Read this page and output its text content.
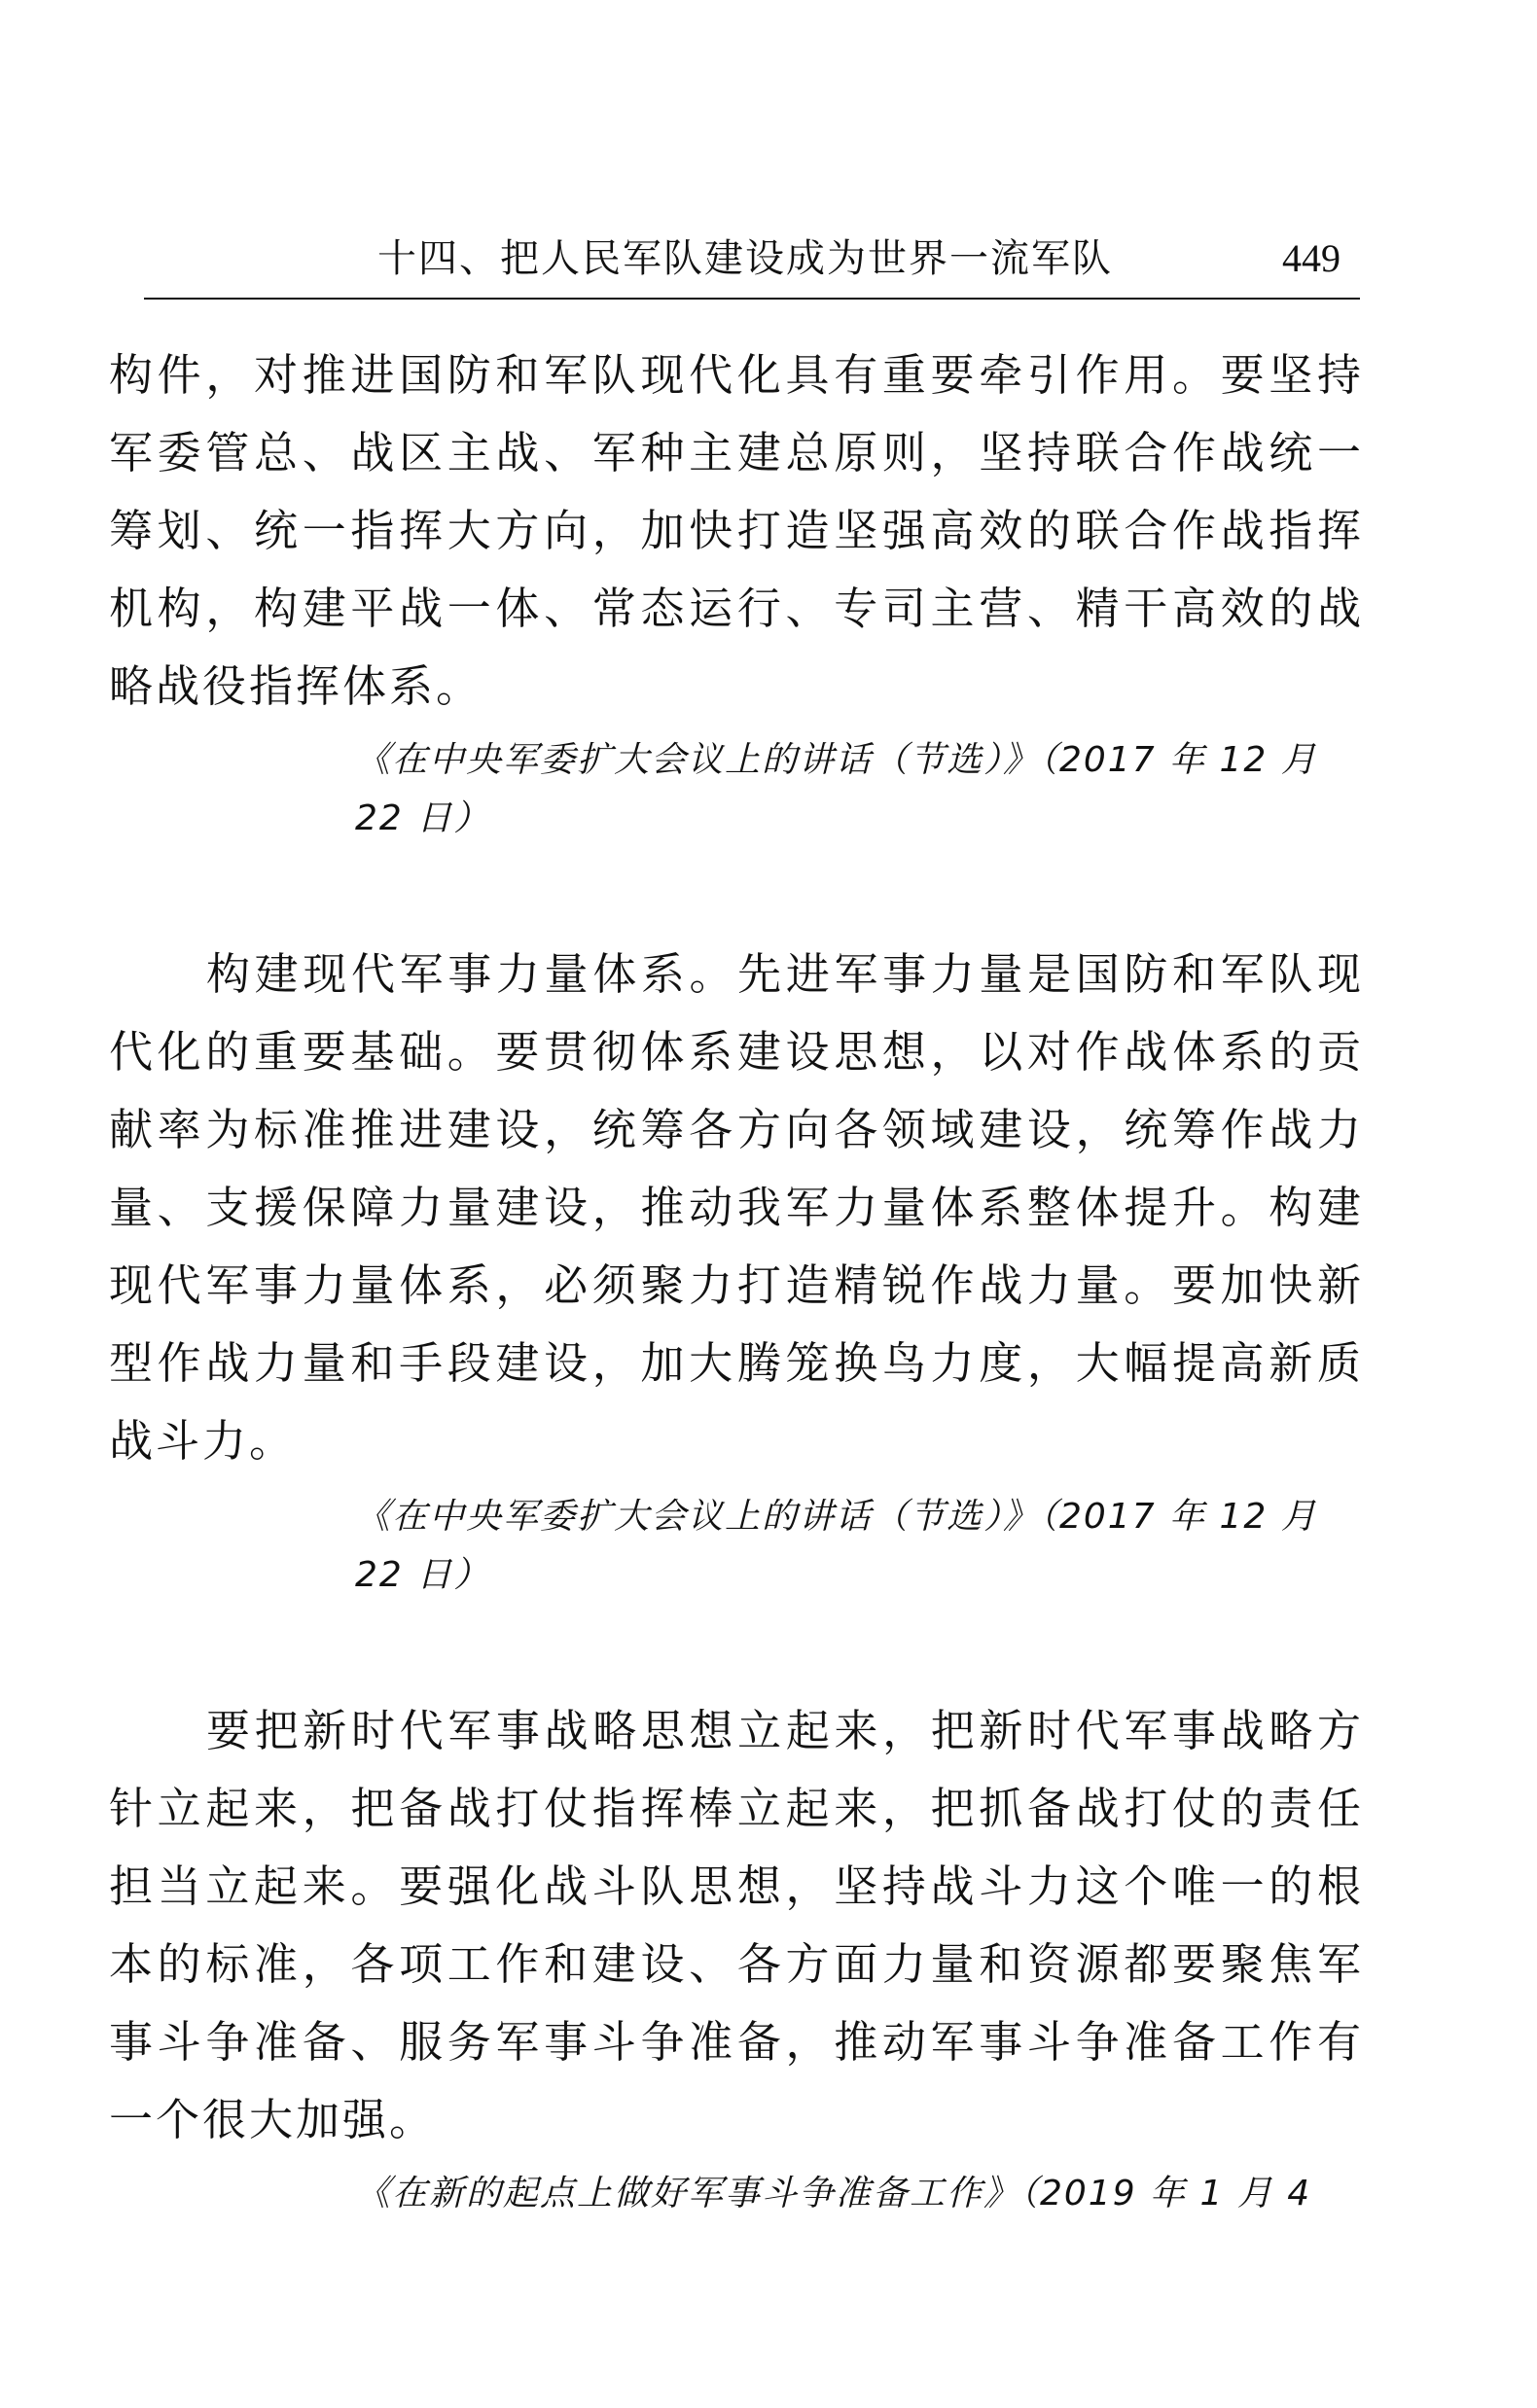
十四、把人民军队建设成为世界一流军队	449

构件，对推进国防和军队现代化具有重要牵引作用。要坚持军委管总、战区主战、军种主建总原则，坚持联合作战统一筹划、统一指挥大方向，加快打造坚强高效的联合作战指挥机构，构建平战一体、常态运行、专司主营、精干高效的战略战役指挥体系。

《在中央军委扩大会议上的讲话（节选）》（2017 年 12 月 22 日）

构建现代军事力量体系。先进军事力量是国防和军队现代化的重要基础。要贯彻体系建设思想，以对作战体系的贡献率为标准推进建设，统筹各方向各领域建设，统筹作战力量、支援保障力量建设，推动我军力量体系整体提升。构建现代军事力量体系，必须聚力打造精锐作战力量。要加快新型作战力量和手段建设，加大腾笼换鸟力度，大幅提高新质战斗力。

《在中央军委扩大会议上的讲话（节选）》（2017 年 12 月 22 日）

要把新时代军事战略思想立起来，把新时代军事战略方针立起来，把备战打仗指挥棒立起来，把抓备战打仗的责任担当立起来。要强化战斗队思想，坚持战斗力这个唯一的根本的标准，各项工作和建设、各方面力量和资源都要聚焦军事斗争准备、服务军事斗争准备，推动军事斗争准备工作有一个很大加强。

《在新的起点上做好军事斗争准备工作》（2019 年 1 月 4
